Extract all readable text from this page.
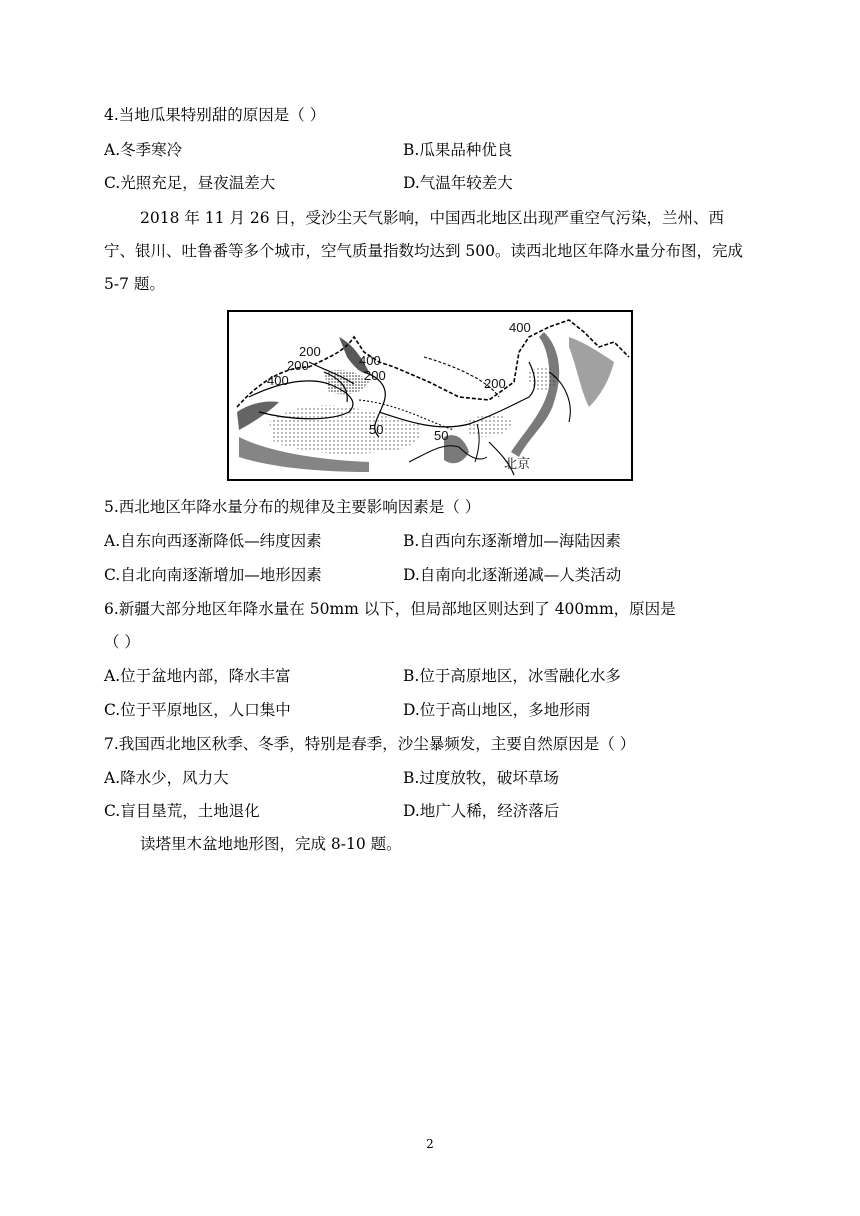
4.当地瓜果特别甜的原因是（ ）
A.冬季寒冷	B.瓜果品种优良
C.光照充足，昼夜温差大	D.气温年较差大
2018 年 11 月 26 日，受沙尘天气影响，中国西北地区出现严重空气污染，兰州、西宁、银川、吐鲁番等多个城市，空气质量指数均达到 500。读西北地区年降水量分布图，完成 5-7 题。
200
200
400
400
200
50
50
400
200
北京
5.西北地区年降水量分布的规律及主要影响因素是（ ）
A.自东向西逐渐降低—纬度因素	B.自西向东逐渐增加—海陆因素
C.自北向南逐渐增加—地形因素	D.自南向北逐渐递减—人类活动
6.新疆大部分地区年降水量在 50mm 以下，但局部地区则达到了 400mm，原因是
（ ）
A.位于盆地内部，降水丰富	B.位于高原地区，冰雪融化水多
C.位于平原地区，人口集中	D.位于高山地区，多地形雨
7.我国西北地区秋季、冬季，特别是春季，沙尘暴频发，主要自然原因是（ ）
A.降水少，风力大	B.过度放牧，破坏草场
C.盲目垦荒，土地退化	D.地广人稀，经济落后
读塔里木盆地地形图，完成 8-10 题。
2
